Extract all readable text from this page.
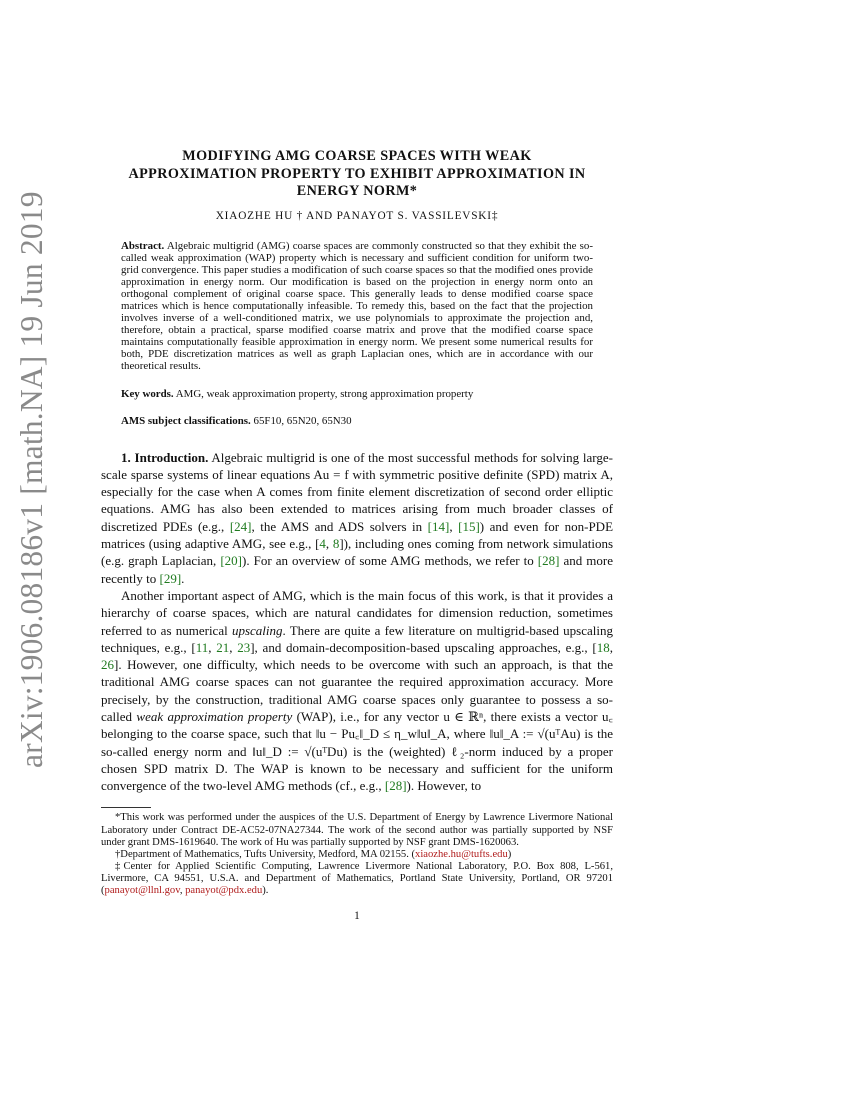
arXiv:1906.08186v1 [math.NA] 19 Jun 2019
MODIFYING AMG COARSE SPACES WITH WEAK
APPROXIMATION PROPERTY TO EXHIBIT APPROXIMATION IN
ENERGY NORM*
XIAOZHE HU † AND PANAYOT S. VASSILEVSKI‡
Abstract. Algebraic multigrid (AMG) coarse spaces are commonly constructed so that they exhibit the so-called weak approximation (WAP) property which is necessary and sufficient condition for uniform two-grid convergence. This paper studies a modification of such coarse spaces so that the modified ones provide approximation in energy norm. Our modification is based on the projection in energy norm onto an orthogonal complement of original coarse space. This generally leads to dense modified coarse space matrices which is hence computationally infeasible. To remedy this, based on the fact that the projection involves inverse of a well-conditioned matrix, we use polynomials to approximate the projection and, therefore, obtain a practical, sparse modified coarse matrix and prove that the modified coarse space maintains computationally feasible approximation in energy norm. We present some numerical results for both, PDE discretization matrices as well as graph Laplacian ones, which are in accordance with our theoretical results.
Key words. AMG, weak approximation property, strong approximation property
AMS subject classifications. 65F10, 65N20, 65N30

1. Introduction. Algebraic multigrid is one of the most successful methods for solving large-scale sparse systems of linear equations Au = f with symmetric positive definite (SPD) matrix A, especially for the case when A comes from finite element discretization of second order elliptic equations. AMG has also been extended to matrices arising from much broader classes of discretized PDEs (e.g., [24], the AMS and ADS solvers in [14], [15]) and even for non-PDE matrices (using adaptive AMG, see e.g., [4, 8]), including ones coming from network simulations (e.g. graph Laplacian, [20]). For an overview of some AMG methods, we refer to [28] and more recently to [29].

Another important aspect of AMG, which is the main focus of this work, is that it provides a hierarchy of coarse spaces, which are natural candidates for dimension reduction, sometimes referred to as numerical upscaling. There are quite a few literature on multigrid-based upscaling techniques, e.g., [11, 21, 23], and domain-decomposition-based upscaling approaches, e.g., [18, 26]. However, one difficulty, which needs to be overcome with such an approach, is that the traditional AMG coarse spaces can not guarantee the required approximation accuracy. More precisely, by the construction, traditional AMG coarse spaces only guarantee to possess a so-called weak approximation property (WAP), i.e., for any vector u ∈ ℝⁿ, there exists a vector u꜀ belonging to the coarse space, such that ‖u − Pu꜀‖_D ≤ η_w‖u‖_A, where ‖u‖_A := √(uᵀAu) is the so-called energy norm and ‖u‖_D := √(uᵀDu) is the (weighted) ℓ₂-norm induced by a proper chosen SPD matrix D. The WAP is known to be necessary and sufficient for the uniform convergence of the two-level AMG methods (cf., e.g., [28]). However, to

*This work was performed under the auspices of the U.S. Department of Energy by Lawrence Livermore National Laboratory under Contract DE-AC52-07NA27344. The work of the second author was partially supported by NSF under grant DMS-1619640. The work of Hu was partially supported by NSF grant DMS-1620063.

†Department of Mathematics, Tufts University, Medford, MA 02155. (xiaozhe.hu@tufts.edu)

‡Center for Applied Scientific Computing, Lawrence Livermore National Laboratory, P.O. Box 808, L-561, Livermore, CA 94551, U.S.A. and Department of Mathematics, Portland State University, Portland, OR 97201 (panayot@llnl.gov, panayot@pdx.edu).

1
